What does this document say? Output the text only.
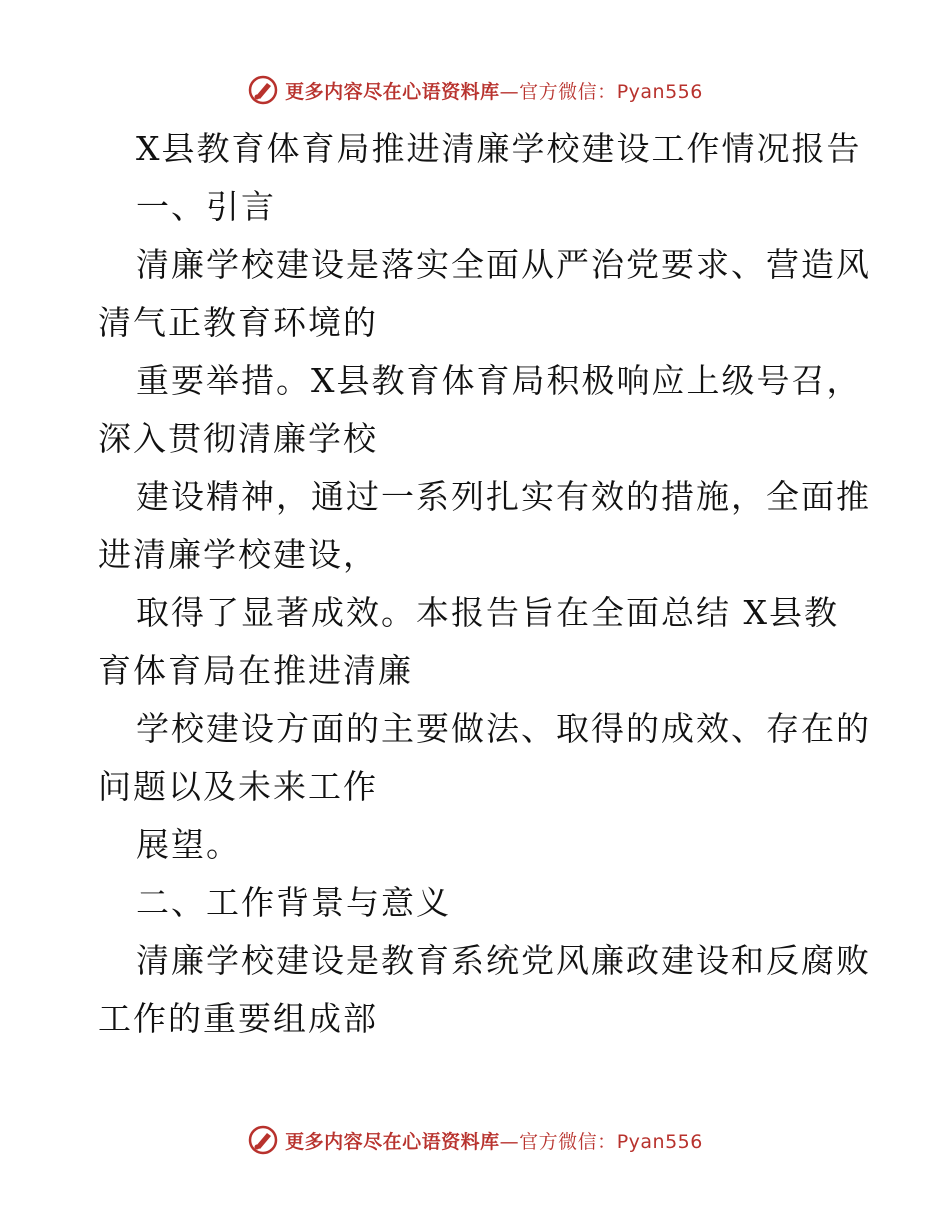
更多内容尽在心语资料库—官方微信：Pyan556
X县教育体育局推进清廉学校建设工作情况报告
一、引言
清廉学校建设是落实全面从严治党要求、营造风
清气正教育环境的
重要举措。X县教育体育局积极响应上级号召，
深入贯彻清廉学校
建设精神，通过一系列扎实有效的措施，全面推
进清廉学校建设，
取得了显著成效。本报告旨在全面总结 X县教
育体育局在推进清廉
学校建设方面的主要做法、取得的成效、存在的
问题以及未来工作
展望。
二、工作背景与意义
清廉学校建设是教育系统党风廉政建设和反腐败
工作的重要组成部
更多内容尽在心语资料库—官方微信：Pyan556
